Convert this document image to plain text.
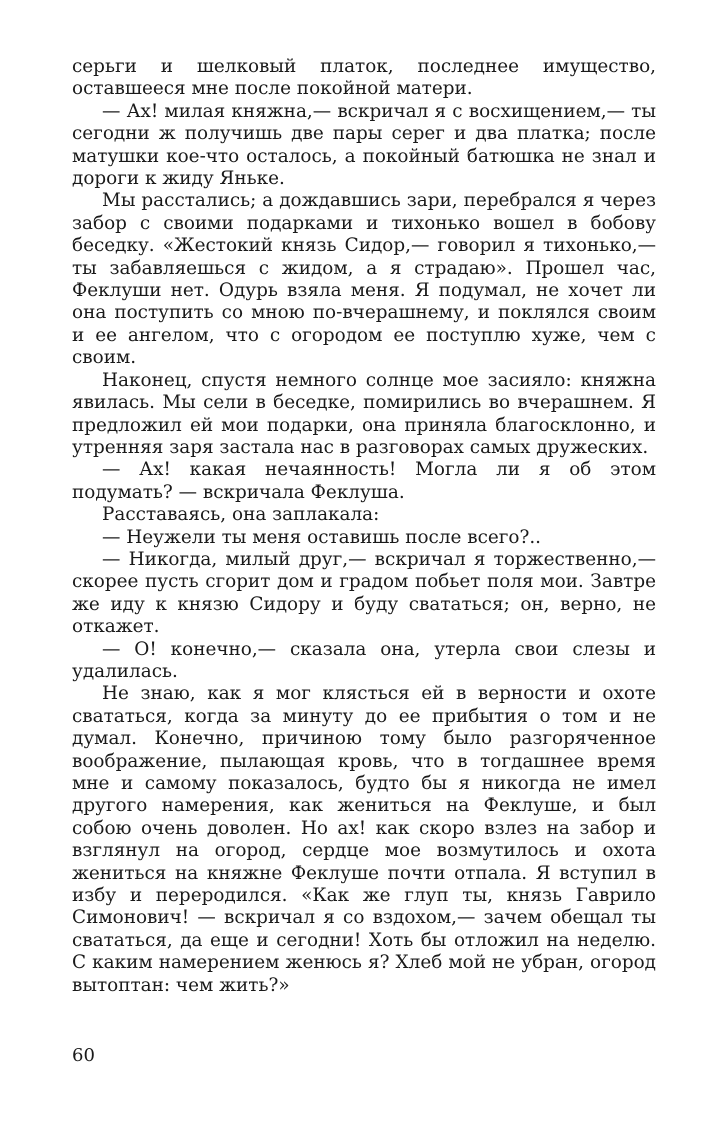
серьги и шелковый платок, последнее имущество, оставшееся мне после покойной матери.

— Ах! милая княжна,— вскричал я с восхищением,— ты сегодни ж получишь две пары серег и два платка; после матушки кое-что осталось, а покойный батюшка не знал и дороги к жиду Яньке.

Мы расстались; а дождавшись зари, перебрался я через забор с своими подарками и тихонько вошел в бобову беседку. «Жестокий князь Сидор,— говорил я тихонько,— ты забавляешься с жидом, а я страдаю». Прошел час, Феклуши нет. Одурь взяла меня. Я подумал, не хочет ли она поступить со мною по-вчерашнему, и поклялся своим и ее ангелом, что с огородом ее поступлю хуже, чем с своим.

Наконец, спустя немного солнце мое засияло: княжна явилась. Мы сели в беседке, помирились во вчерашнем. Я предложил ей мои подарки, она приняла благосклонно, и утренняя заря застала нас в разговорах самых дружеских.

— Ах! какая нечаянность! Могла ли я об этом подумать? — вскричала Феклуша.

Расставаясь, она заплакала:

— Неужели ты меня оставишь после всего?..

— Никогда, милый друг,— вскричал я торжественно,— скорее пусть сгорит дом и градом побьет поля мои. Завтре же иду к князю Сидору и буду свататься; он, верно, не откажет.

— О! конечно,— сказала она, утерла свои слезы и удалилась.

Не знаю, как я мог клясться ей в верности и охоте свататься, когда за минуту до ее прибытия о том и не думал. Конечно, причиною тому было разгоряченное воображение, пылающая кровь, что в тогдашнее время мне и самому показалось, будто бы я никогда не имел другого намерения, как жениться на Феклуше, и был собою очень доволен. Но ах! как скоро взлез на забор и взглянул на огород, сердце мое возмутилось и охота жениться на княжне Феклуше почти отпала. Я вступил в избу и переродился. «Как же глуп ты, князь Гаврило Симонович! — вскричал я со вздохом,— зачем обещал ты свататься, да еще и сегодни! Хоть бы отложил на неделю. С каким намерением женюсь я? Хлеб мой не убран, огород вытоптан: чем жить?»

60
